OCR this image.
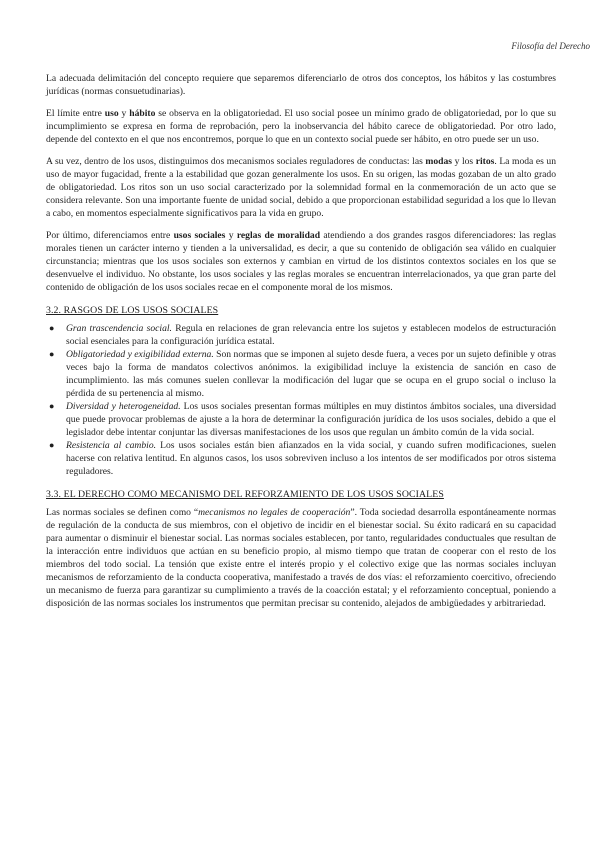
Filosofía del Derecho

La adecuada delimitación del concepto requiere que separemos diferenciarlo de otros dos conceptos, los hábitos y las costumbres jurídicas (normas consuetudinarias).

El límite entre uso y hábito se observa en la obligatoriedad. El uso social posee un mínimo grado de obligatoriedad, por lo que su incumplimiento se expresa en forma de reprobación, pero la inobservancia del hábito carece de obligatoriedad. Por otro lado, depende del contexto en el que nos encontremos, porque lo que en un contexto social puede ser hábito, en otro puede ser un uso.

A su vez, dentro de los usos, distinguimos dos mecanismos sociales reguladores de conductas: las modas y los ritos. La moda es un uso de mayor fugacidad, frente a la estabilidad que gozan generalmente los usos. En su origen, las modas gozaban de un alto grado de obligatoriedad. Los ritos son un uso social caracterizado por la solemnidad formal en la conmemoración de un acto que se considera relevante. Son una importante fuente de unidad social, debido a que proporcionan estabilidad seguridad a los que lo llevan a cabo, en momentos especialmente significativos para la vida en grupo.

Por último, diferenciamos entre usos sociales y reglas de moralidad atendiendo a dos grandes rasgos diferenciadores: las reglas morales tienen un carácter interno y tienden a la universalidad, es decir, a que su contenido de obligación sea válido en cualquier circunstancia; mientras que los usos sociales son externos y cambian en virtud de los distintos contextos sociales en los que se desenvuelve el individuo. No obstante, los usos sociales y las reglas morales se encuentran interrelacionados, ya que gran parte del contenido de obligación de los usos sociales recae en el componente moral de los mismos.

3.2. RASGOS DE LOS USOS SOCIALES
● Gran trascendencia social. Regula en relaciones de gran relevancia entre los sujetos y establecen modelos de estructuración social esenciales para la configuración jurídica estatal.
● Obligatoriedad y exigibilidad externa. Son normas que se imponen al sujeto desde fuera, a veces por un sujeto definible y otras veces bajo la forma de mandatos colectivos anónimos. la exigibilidad incluye la existencia de sanción en caso de incumplimiento. las más comunes suelen conllevar la modificación del lugar que se ocupa en el grupo social o incluso la pérdida de su pertenencia al mismo.
● Diversidad y heterogeneidad. Los usos sociales presentan formas múltiples en muy distintos ámbitos sociales, una diversidad que puede provocar problemas de ajuste a la hora de determinar la configuración jurídica de los usos sociales, debido a que el legislador debe intentar conjuntar las diversas manifestaciones de los usos que regulan un ámbito común de la vida social.
● Resistencia al cambio. Los usos sociales están bien afianzados en la vida social, y cuando sufren modificaciones, suelen hacerse con relativa lentitud. En algunos casos, los usos sobreviven incluso a los intentos de ser modificados por otros sistema reguladores.
3.3. EL DERECHO COMO MECANISMO DEL REFORZAMIENTO DE LOS USOS SOCIALES

Las normas sociales se definen como “mecanismos no legales de cooperación”. Toda sociedad desarrolla espontáneamente normas de regulación de la conducta de sus miembros, con el objetivo de incidir en el bienestar social. Su éxito radicará en su capacidad para aumentar o disminuir el bienestar social. Las normas sociales establecen, por tanto, regularidades conductuales que resultan de la interacción entre individuos que actúan en su beneficio propio, al mismo tiempo que tratan de cooperar con el resto de los miembros del todo social. La tensión que existe entre el interés propio y el colectivo exige que las normas sociales incluyan mecanismos de reforzamiento de la conducta cooperativa, manifestado a través de dos vías: el reforzamiento coercitivo, ofreciendo un mecanismo de fuerza para garantizar su cumplimiento a través de la coacción estatal; y el reforzamiento conceptual, poniendo a disposición de las normas sociales los instrumentos que permitan precisar su contenido, alejados de ambigüedades y arbitrariedad.
